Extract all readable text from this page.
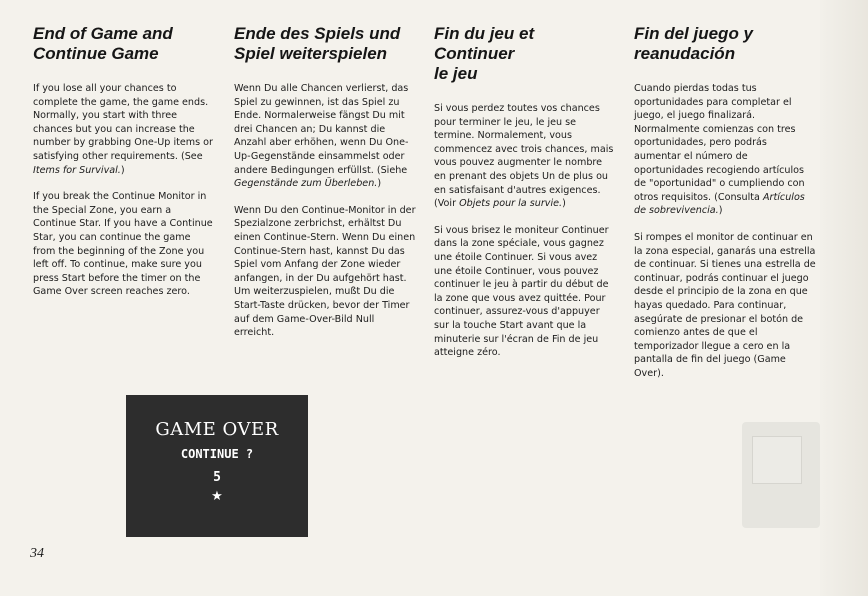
End of Game and
Continue Game
If you lose all your chances to complete the game, the game ends. Normally, you start with three chances but you can increase the number by grabbing One-Up items or satisfying other requirements. (See Items for Survival.)
If you break the Continue Monitor in the Special Zone, you earn a Continue Star. If you have a Continue Star, you can continue the game from the beginning of the Zone you left off. To continue, make sure you press Start before the timer on the Game Over screen reaches zero.
Ende des Spiels und
Spiel weiterspielen
Wenn Du alle Chancen verlierst, das Spiel zu gewinnen, ist das Spiel zu Ende. Normalerweise fängst Du mit drei Chancen an; Du kannst die Anzahl aber erhöhen, wenn Du One-Up-Gegenstände einsammelst oder andere Bedingungen erfüllst. (Siehe Gegenstände zum Überleben.)
Wenn Du den Continue-Monitor in der Spezialzone zerbrichst, erhältst Du einen Continue-Stern. Wenn Du einen Continue-Stern hast, kannst Du das Spiel vom Anfang der Zone wieder anfangen, in der Du aufgehört hast. Um weiterzuspielen, mußt Du die Start-Taste drücken, bevor der Timer auf dem Game-Over-Bild Null erreicht.
Fin du jeu et Continuer
le jeu
Si vous perdez toutes vos chances pour terminer le jeu, le jeu se termine. Normalement, vous commencez avec trois chances, mais vous pouvez augmenter le nombre en prenant des objets Un de plus ou en satisfaisant d'autres exigences. (Voir Objets pour la survie.)
Si vous brisez le moniteur Continuer dans la zone spéciale, vous gagnez une étoile Continuer. Si vous avez une étoile Continuer, vous pouvez continuer le jeu à partir du début de la zone que vous avez quittée. Pour continuer, assurez-vous d'appuyer sur la touche Start avant que la minuterie sur l'écran de Fin de jeu atteigne zéro.
Fin del juego y
reanudación
Cuando pierdas todas tus oportunidades para completar el juego, el juego finalizará. Normalmente comienzas con tres oportunidades, pero podrás aumentar el número de oportunidades recogiendo artículos de "oportunidad" o cumpliendo con otros requisitos. (Consulta Artículos de sobrevivencia.)
Si rompes el monitor de continuar en la zona especial, ganarás una estrella de continuar. Si tienes una estrella de continuar, podrás continuar el juego desde el principio de la zona en que hayas quedado. Para continuar, asegúrate de presionar el botón de comienzo antes de que el temporizador llegue a cero en la pantalla de fin del juego (Game Over).
GAME OVER
CONTINUE ?
5
★
34
